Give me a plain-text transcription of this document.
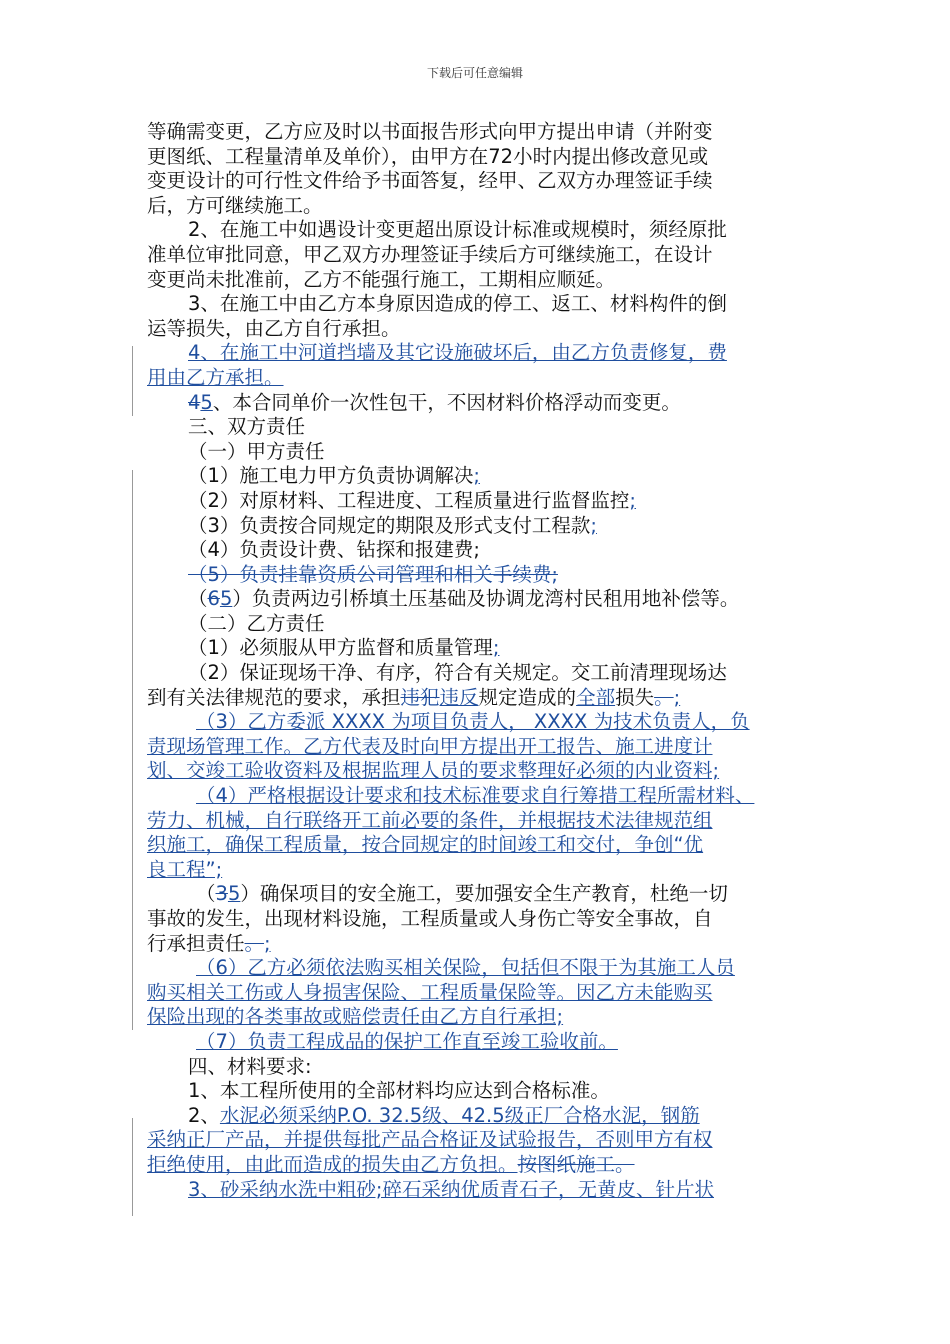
下载后可任意编辑

等确需变更，乙方应及时以书面报告形式向甲方提出申请（并附变

更图纸、工程量清单及单价），由甲方在72小时内提出修改意见或

变更设计的可行性文件给予书面答复，经甲、乙双方办理签证手续

后，方可继续施工。

2、在施工中如遇设计变更超出原设计标准或规模时，须经原批

准单位审批同意，甲乙双方办理签证手续后方可继续施工，在设计

变更尚未批准前，乙方不能强行施工，工期相应顺延。

3、在施工中由乙方本身原因造成的停工、返工、材料构件的倒

运等损失，由乙方自行承担。

4、在施工中河道挡墙及其它设施破坏后，由乙方负责修复，费

用由乙方承担。

45、本合同单价一次性包干，不因材料价格浮动而变更。

三、双方责任

（一）甲方责任

（1）施工电力甲方负责协调解决;

（2）对原材料、工程进度、工程质量进行监督监控;

（3）负责按合同规定的期限及形式支付工程款;

（4）负责设计费、钻探和报建费;

（5）负责挂靠资质公司管理和相关手续费;

（65）负责两边引桥填土压基础及协调龙湾村民租用地补偿等。

（二）乙方责任

（1）必须服从甲方监督和质量管理;

（2）保证现场干净、有序，符合有关规定。交工前清理现场达

到有关法律规范的要求，承担违犯违反规定造成的全部损失。;

（3）乙方委派 XXXX 为项目负责人， XXXX 为技术负责人，负

责现场管理工作。乙方代表及时向甲方提出开工报告、施工进度计

划、交竣工验收资料及根据监理人员的要求整理好必须的内业资料;

（4）严格根据设计要求和技术标准要求自行筹措工程所需材料、

劳力、机械，自行联络开工前必要的条件，并根据技术法律规范组

织施工，确保工程质量，按合同规定的时间竣工和交付，争创“优

良工程”;

（35）确保项目的安全施工，要加强安全生产教育，杜绝一切

事故的发生，出现材料设施，工程质量或人身伤亡等安全事故，自

行承担责任。;

（6）乙方必须依法购买相关保险，包括但不限于为其施工人员

购买相关工伤或人身损害保险、工程质量保险等。因乙方未能购买

保险出现的各类事故或赔偿责任由乙方自行承担;

（7）负责工程成品的保护工作直至竣工验收前。

四、材料要求:

1、本工程所使用的全部材料均应达到合格标准。

2、水泥必须采纳P.O. 32.5级、42.5级正厂合格水泥，钢筋

采纳正厂产品，并提供每批产品合格证及试验报告，否则甲方有权

拒绝使用，由此而造成的损失由乙方负担。按图纸施工。

3、砂采纳水洗中粗砂;碎石采纳优质青石子，无黄皮、针片状
